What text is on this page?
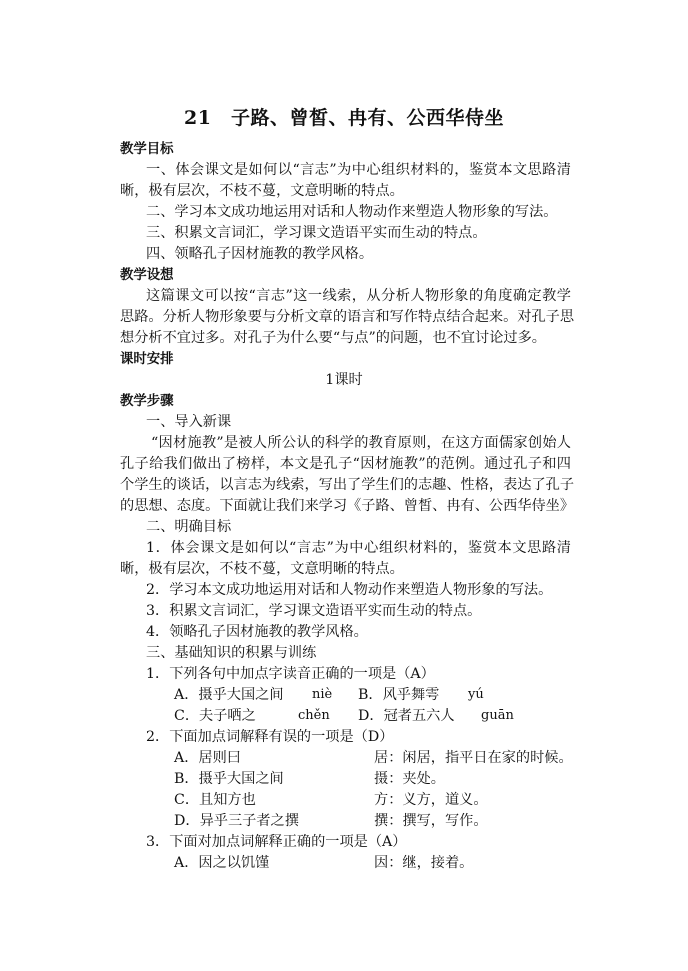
21　子路、曾皙、冉有、公西华侍坐
教学目标
一、体会课文是如何以“言志”为中心组织材料的，鉴赏本文思路清
晰，极有层次，不枝不蔓，文意明晰的特点。
二、学习本文成功地运用对话和人物动作来塑造人物形象的写法。
三、积累文言词汇，学习课文造语平实而生动的特点。
四、领略孔子因材施教的教学风格。
教学设想
这篇课文可以按“言志”这一线索，从分析人物形象的角度确定教学
思路。分析人物形象要与分析文章的语言和写作特点结合起来。对孔子思
想分析不宜过多。对孔子为什么要“与点”的问题，也不宜讨论过多。
课时安排
1课时
教学步骤
一、导入新课
“因材施教”是被人所公认的科学的教育原则，在这方面儒家创始人
孔子给我们做出了榜样，本文是孔子“因材施教”的范例。通过孔子和四
个学生的谈话，以言志为线索，写出了学生们的志趣、性格，表达了孔子
的思想、态度。下面就让我们来学习《子路、曾皙、冉有、公西华侍坐》
二、明确目标
1．体会课文是如何以“言志”为中心组织材料的，鉴赏本文思路清
晰，极有层次，不枝不蔓，文意明晰的特点。
2．学习本文成功地运用对话和人物动作来塑造人物形象的写法。
3．积累文言词汇，学习课文造语平实而生动的特点。
4．领略孔子因材施教的教学风格。
三、基础知识的积累与训练
1．下列各句中加点字读音正确的一项是（A）
A．摄乎大国之间 niè B．风乎舞雩 yú
C．夫子哂之	chěn D．冠者五六人 guān
2．下面加点词解释有误的一项是（D）
A．居则曰	居：闲居，指平日在家的时候。
B．摄乎大国之间	摄：夹处。
C．且知方也	方：义方，道义。
D．异乎三子者之撰	撰：撰写，写作。
3．下面对加点词解释正确的一项是（A）
A．因之以饥馑	因：继，接着。
